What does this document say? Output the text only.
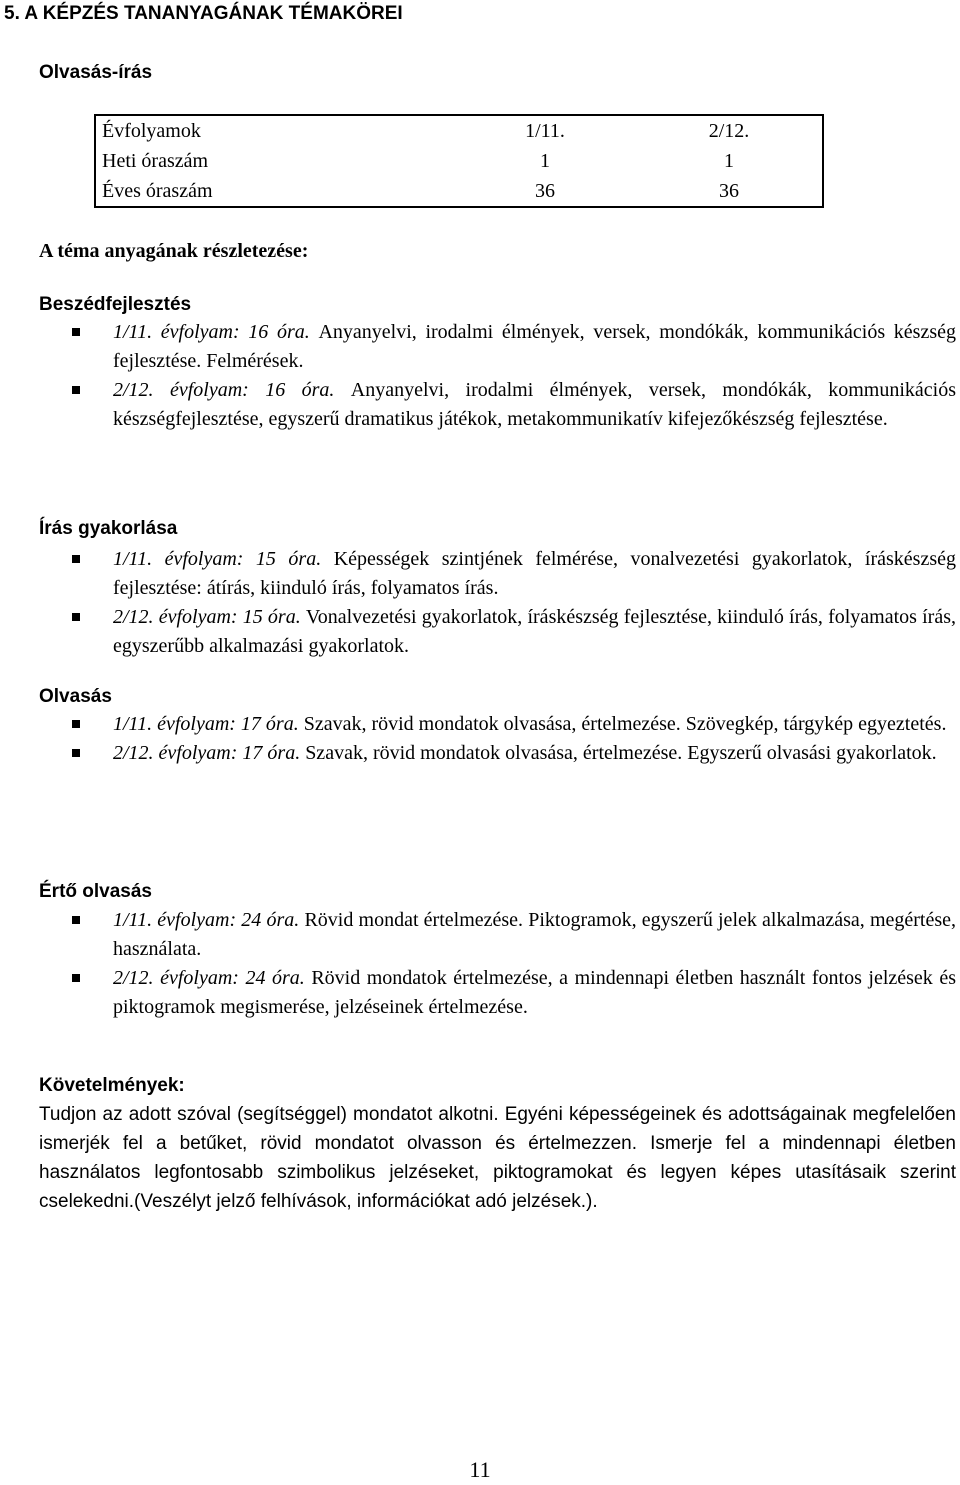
5. A KÉPZÉS TANANYAGÁNAK TÉMAKÖREI
Olvasás-írás
Évfolyamok	1/11.	2/12.
Heti óraszám	1	1
Éves óraszám	36	36
A téma anyagának részletezése:
Beszédfejlesztés
1/11. évfolyam: 16 óra. Anyanyelvi, irodalmi élmények, versek, mondókák, kommunikációs készség fejlesztése. Felmérések.
2/12. évfolyam: 16 óra. Anyanyelvi, irodalmi élmények, versek, mondókák, kommunikációs készségfejlesztése, egyszerű dramatikus játékok, metakommunikatív kifejezőkészség fejlesztése.
Írás gyakorlása
1/11. évfolyam: 15 óra. Képességek szintjének felmérése, vonalvezetési gyakorlatok, íráskészség fejlesztése: átírás, kiinduló írás, folyamatos írás.
2/12. évfolyam: 15 óra. Vonalvezetési gyakorlatok, íráskészség fejlesztése, kiinduló írás, folyamatos írás, egyszerűbb alkalmazási gyakorlatok.
Olvasás
1/11. évfolyam: 17 óra. Szavak, rövid mondatok olvasása, értelmezése. Szövegkép, tárgykép egyeztetés.
2/12. évfolyam: 17 óra. Szavak, rövid mondatok olvasása, értelmezése. Egyszerű olvasási gyakorlatok.
Értő olvasás
1/11. évfolyam: 24 óra. Rövid mondat értelmezése. Piktogramok, egyszerű jelek alkalmazása, megértése, használata.
2/12. évfolyam: 24 óra. Rövid mondatok értelmezése, a mindennapi életben használt fontos jelzések és piktogramok megismerése, jelzéseinek értelmezése.
Követelmények:
Tudjon az adott szóval (segítséggel) mondatot alkotni. Egyéni képességeinek és adottságainak megfelelően ismerjék fel a betűket, rövid mondatot olvasson és értelmezzen. Ismerje fel a mindennapi életben használatos legfontosabb szimbolikus jelzéseket, piktogramokat és legyen képes utasításaik szerint cselekedni.(Veszélyt jelző felhívások, információkat adó jelzések.).
11
